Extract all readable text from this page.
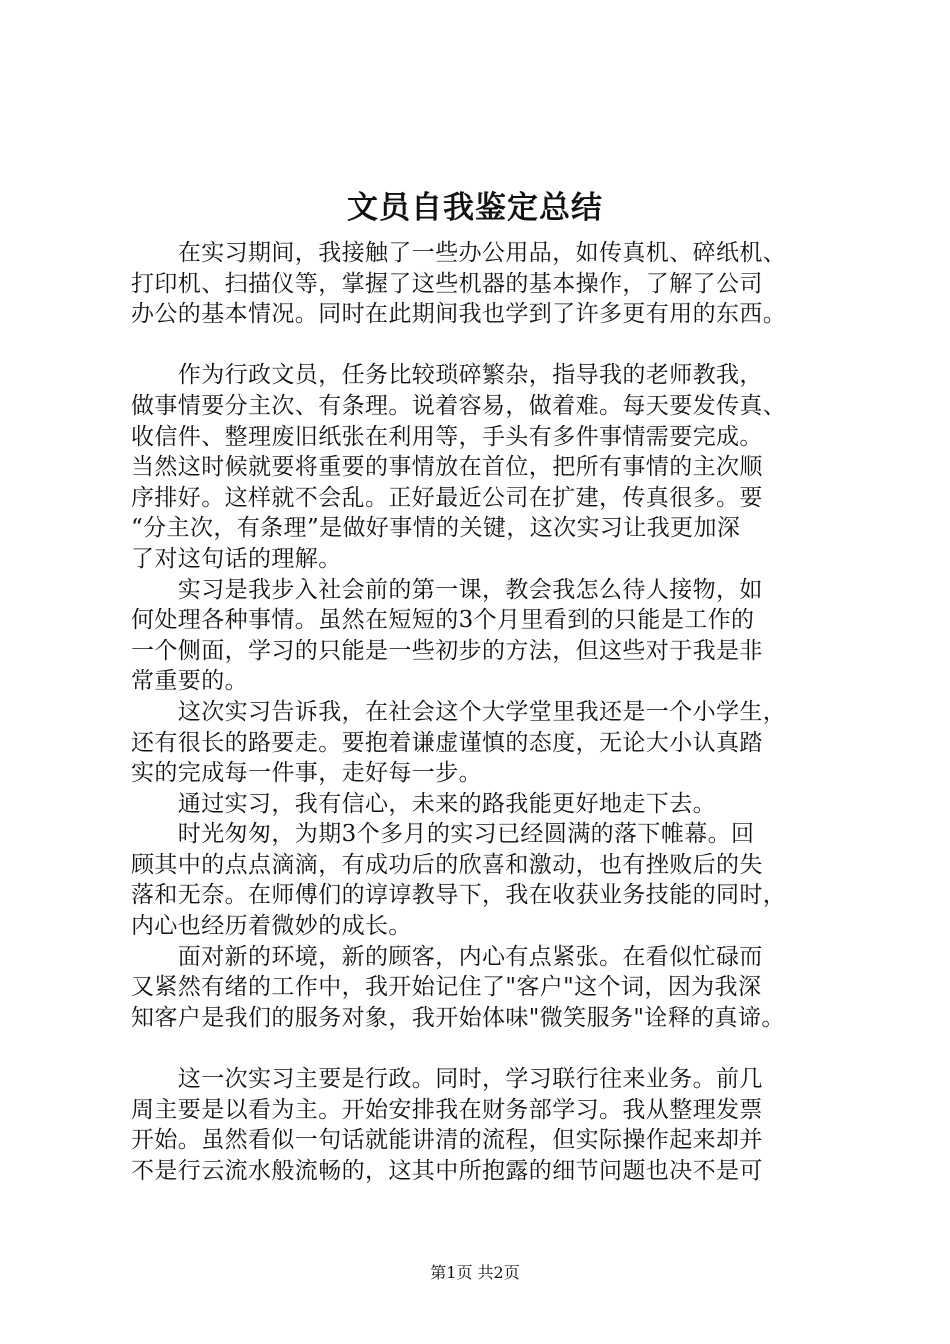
文员自我鉴定总结
　　在实习期间，我接触了一些办公用品，如传真机、碎纸机、
打印机、扫描仪等，掌握了这些机器的基本操作，了解了公司
办公的基本情况。同时在此期间我也学到了许多更有用的东西。
　　作为行政文员，任务比较琐碎繁杂，指导我的老师教我，
做事情要分主次、有条理。说着容易，做着难。每天要发传真、
收信件、整理废旧纸张在利用等，手头有多件事情需要完成。
当然这时候就要将重要的事情放在首位，把所有事情的主次顺
序排好。这样就不会乱。正好最近公司在扩建，传真很多。要
“分主次，有条理”是做好事情的关键，这次实习让我更加深
了对这句话的理解。
　　实习是我步入社会前的第一课，教会我怎么待人接物，如
何处理各种事情。虽然在短短的3个月里看到的只能是工作的
一个侧面，学习的只能是一些初步的方法，但这些对于我是非
常重要的。
　　这次实习告诉我，在社会这个大学堂里我还是一个小学生，
还有很长的路要走。要抱着谦虚谨慎的态度，无论大小认真踏
实的完成每一件事，走好每一步。
　　通过实习，我有信心，未来的路我能更好地走下去。
　　时光匆匆，为期3个多月的实习已经圆满的落下帷幕。回
顾其中的点点滴滴，有成功后的欣喜和激动，也有挫败后的失
落和无奈。在师傅们的谆谆教导下，我在收获业务技能的同时，
内心也经历着微妙的成长。
　　面对新的环境，新的顾客，内心有点紧张。在看似忙碌而
又紧然有绪的工作中，我开始记住了"客户"这个词，因为我深
知客户是我们的服务对象，我开始体味"微笑服务"诠释的真谛。
　　这一次实习主要是行政。同时，学习联行往来业务。前几
周主要是以看为主。开始安排我在财务部学习。我从整理发票
开始。虽然看似一句话就能讲清的流程，但实际操作起来却并
不是行云流水般流畅的，这其中所抱露的细节问题也决不是可
第1页 共2页
